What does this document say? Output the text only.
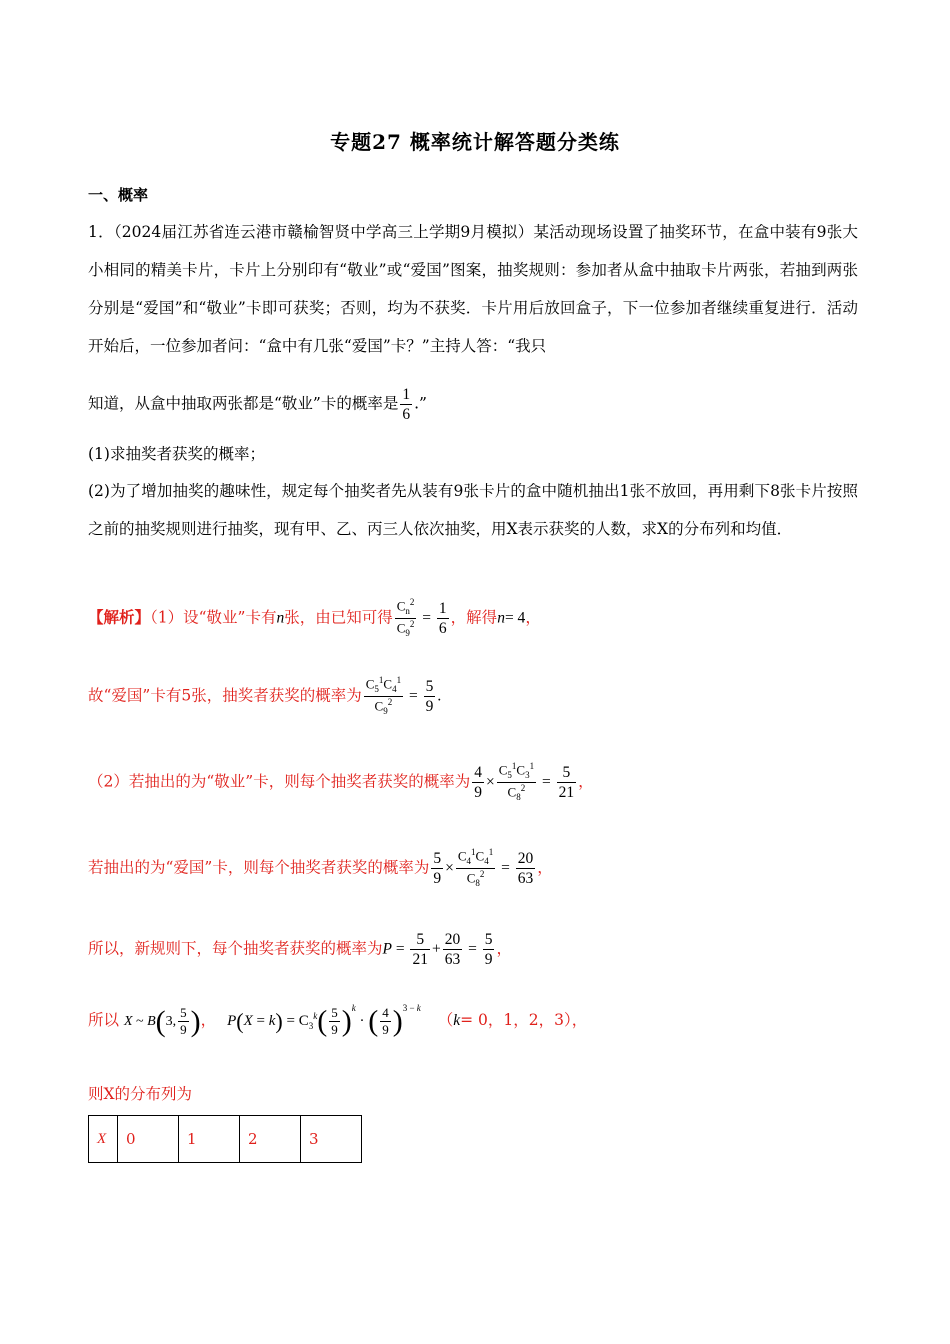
专题27 概率统计解答题分类练
一、概率
1．（2024届江苏省连云港市赣榆智贤中学高三上学期9月模拟）某活动现场设置了抽奖环节，在盒中装有9张大小相同的精美卡片，卡片上分别印有“敬业”或“爱国”图案，抽奖规则：参加者从盒中抽取卡片两张，若抽到两张分别是“爱国”和“敬业”卡即可获奖；否则，均为不获奖．卡片用后放回盒子，下一位参加者继续重复进行．活动开始后，一位参加者问：“盒中有几张“爱国”卡？”主持人答：“我只
知道，从盒中抽取两张都是“敬业”卡的概率是 $\frac{1}{6}$ .”
(1)求抽奖者获奖的概率；
(2)为了增加抽奖的趣味性，规定每个抽奖者先从装有9张卡片的盒中随机抽出1张不放回，再用剩下8张卡片按照之前的抽奖规则进行抽奖，现有甲、乙、丙三人依次抽奖，用X表示获奖的人数，求X的分布列和均值．
【解析】（1）设“敬业”卡有n张，由已知可得 $\frac{C_n^2}{C_9^2} = \frac{1}{6}$ ，解得n= 4，
故“爱国”卡有5张，抽奖者获奖的概率为 $\frac{C_5^1C_4^1}{C_9^2} = \frac{5}{9}$ .
（2）若抽出的为“敬业”卡，则每个抽奖者获奖的概率为 $\frac{4}{9} \times \frac{C_5^1C_3^1}{C_8^2} = \frac{5}{21}$ ，
若抽出的为“爱国”卡，则每个抽奖者获奖的概率为 $\frac{5}{9} \times \frac{C_4^1C_4^1}{C_8^2} = \frac{20}{63}$ ，
所以，新规则下，每个抽奖者获奖的概率为$P = \frac{5}{21} + \frac{20}{63} = \frac{5}{9}$ ，
所以 X ~ B(3, $\frac{5}{9}$ )， $P(X = k) = C_3^k( \frac{5}{9} )^k$ · ( $\frac{4}{9} )^{3 - k}$ （k= 0，1，2，3），
则X的分布列为
X	0	1	2	3
